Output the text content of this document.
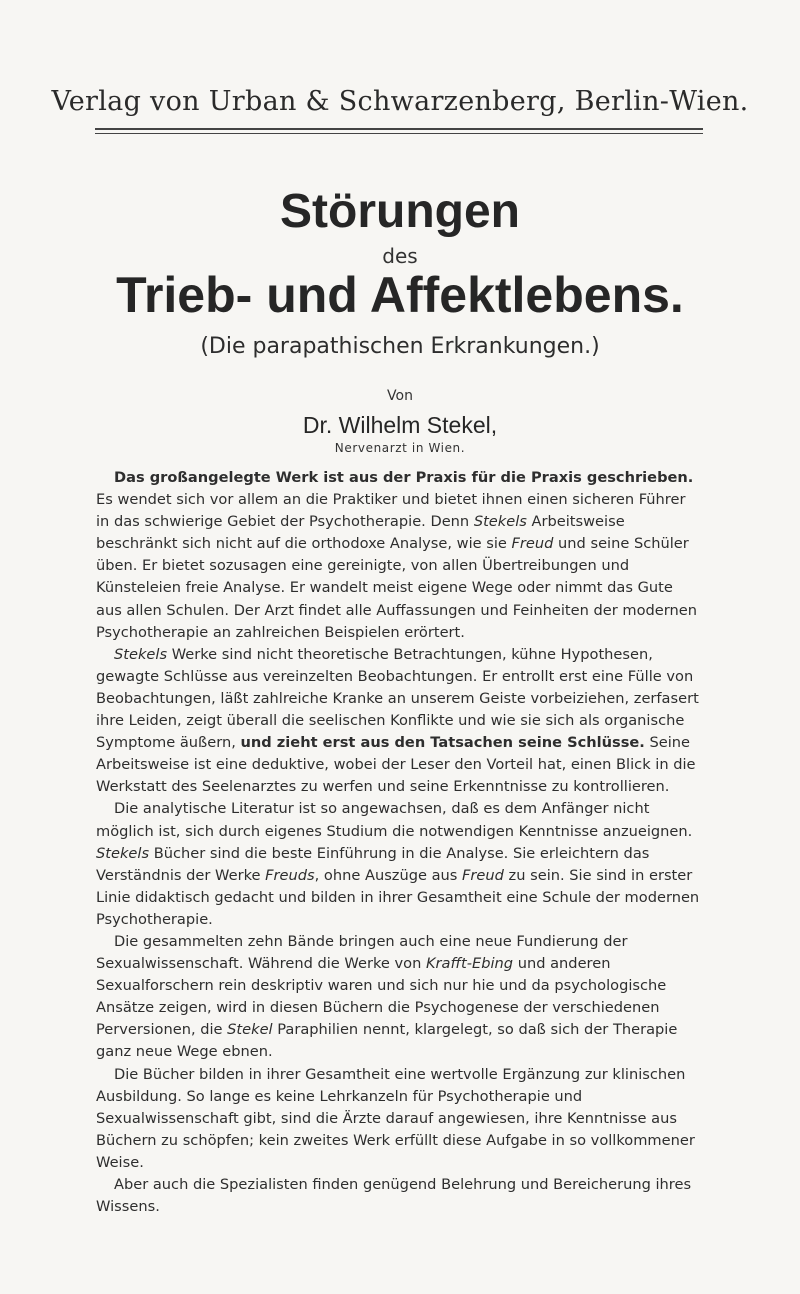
Verlag von Urban & Schwarzenberg, Berlin‑Wien.
Störungen
des
Trieb- und Affektlebens.
(Die parapathischen Erkrankungen.)
Von
Dr. Wilhelm Stekel,
Nervenarzt in Wien.

Das großangelegte Werk ist aus der Praxis für die Praxis geschrieben. Es wendet sich vor allem an die Praktiker und bietet ihnen einen sicheren Führer in das schwierige Gebiet der Psychotherapie. Denn Stekels Arbeitsweise beschränkt sich nicht auf die orthodoxe Analyse, wie sie Freud und seine Schüler üben. Er bietet sozusagen eine gereinigte, von allen Übertreibungen und Künsteleien freie Analyse. Er wandelt meist eigene Wege oder nimmt das Gute aus allen Schulen. Der Arzt findet alle Auffassungen und Feinheiten der modernen Psychotherapie an zahlreichen Beispielen erörtert.

Stekels Werke sind nicht theoretische Betrachtungen, kühne Hypothesen, gewagte Schlüsse aus vereinzelten Beobachtungen. Er entrollt erst eine Fülle von Beobachtungen, läßt zahlreiche Kranke an unserem Geiste vorbeiziehen, zerfasert ihre Leiden, zeigt überall die seelischen Konflikte und wie sie sich als organische Symptome äußern, und zieht erst aus den Tatsachen seine Schlüsse. Seine Arbeitsweise ist eine deduktive, wobei der Leser den Vorteil hat, einen Blick in die Werkstatt des Seelenarztes zu werfen und seine Erkenntnisse zu kontrollieren.

Die analytische Literatur ist so angewachsen, daß es dem Anfänger nicht möglich ist, sich durch eigenes Studium die notwendigen Kenntnisse anzueignen. Stekels Bücher sind die beste Einführung in die Analyse. Sie erleichtern das Verständnis der Werke Freuds, ohne Auszüge aus Freud zu sein. Sie sind in erster Linie didaktisch gedacht und bilden in ihrer Gesamtheit eine Schule der modernen Psychotherapie.

Die gesammelten zehn Bände bringen auch eine neue Fundierung der Sexualwissenschaft. Während die Werke von Krafft-Ebing und anderen Sexualforschern rein deskriptiv waren und sich nur hie und da psychologische Ansätze zeigen, wird in diesen Büchern die Psychogenese der verschiedenen Perversionen, die Stekel Paraphilien nennt, klargelegt, so daß sich der Therapie ganz neue Wege ebnen.

Die Bücher bilden in ihrer Gesamtheit eine wertvolle Ergänzung zur klinischen Ausbildung. So lange es keine Lehrkanzeln für Psychotherapie und Sexualwissenschaft gibt, sind die Ärzte darauf angewiesen, ihre Kenntnisse aus Büchern zu schöpfen; kein zweites Werk erfüllt diese Aufgabe in so vollkommener Weise.

Aber auch die Spezialisten finden genügend Belehrung und Bereicherung ihres Wissens.
